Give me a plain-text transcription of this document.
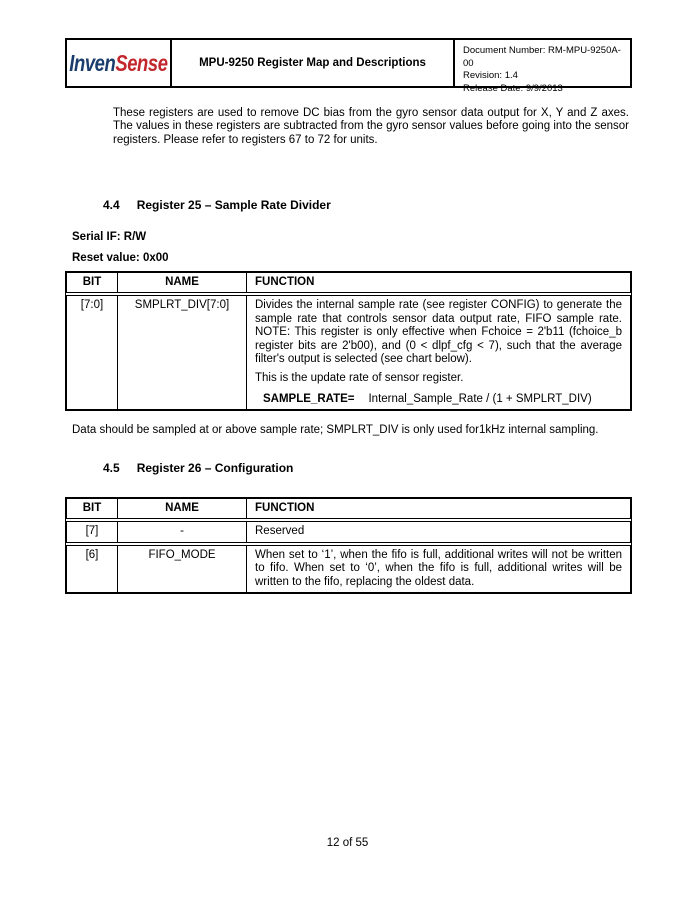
InvenSense	MPU-9250 Register Map and Descriptions
Document Number: RM-MPU-9250A-00
Revision: 1.4
Release Date: 9/9/2013
These registers are used to remove DC bias from the gyro sensor data output for X, Y and Z axes. The values in these registers are subtracted from the gyro sensor values before going into the sensor registers. Please refer to registers 67 to 72 for units.
4.4 Register 25 – Sample Rate Divider
Serial IF: R/W
Reset value: 0x00
BIT	NAME	FUNCTION
[7:0]	SMPLRT_DIV[7:0]	Divides the internal sample rate (see register CONFIG) to generate the sample rate that controls sensor data output rate, FIFO sample rate. NOTE: This register is only effective when Fchoice = 2'b11 (fchoice_b register bits are 2'b00), and (0 < dlpf_cfg < 7), such that the average filter's output is selected (see chart below).
This is the update rate of sensor register.
SAMPLE_RATE= Internal_Sample_Rate / (1 + SMPLRT_DIV)
Data should be sampled at or above sample rate; SMPLRT_DIV is only used for1kHz internal sampling.
4.5 Register 26 – Configuration
BIT	NAME	FUNCTION
[7]	-	Reserved
[6]	FIFO_MODE	When set to ‘1’, when the fifo is full, additional writes will not be written to fifo. When set to ‘0’, when the fifo is full, additional writes will be written to the fifo, replacing the oldest data.
12 of 55
